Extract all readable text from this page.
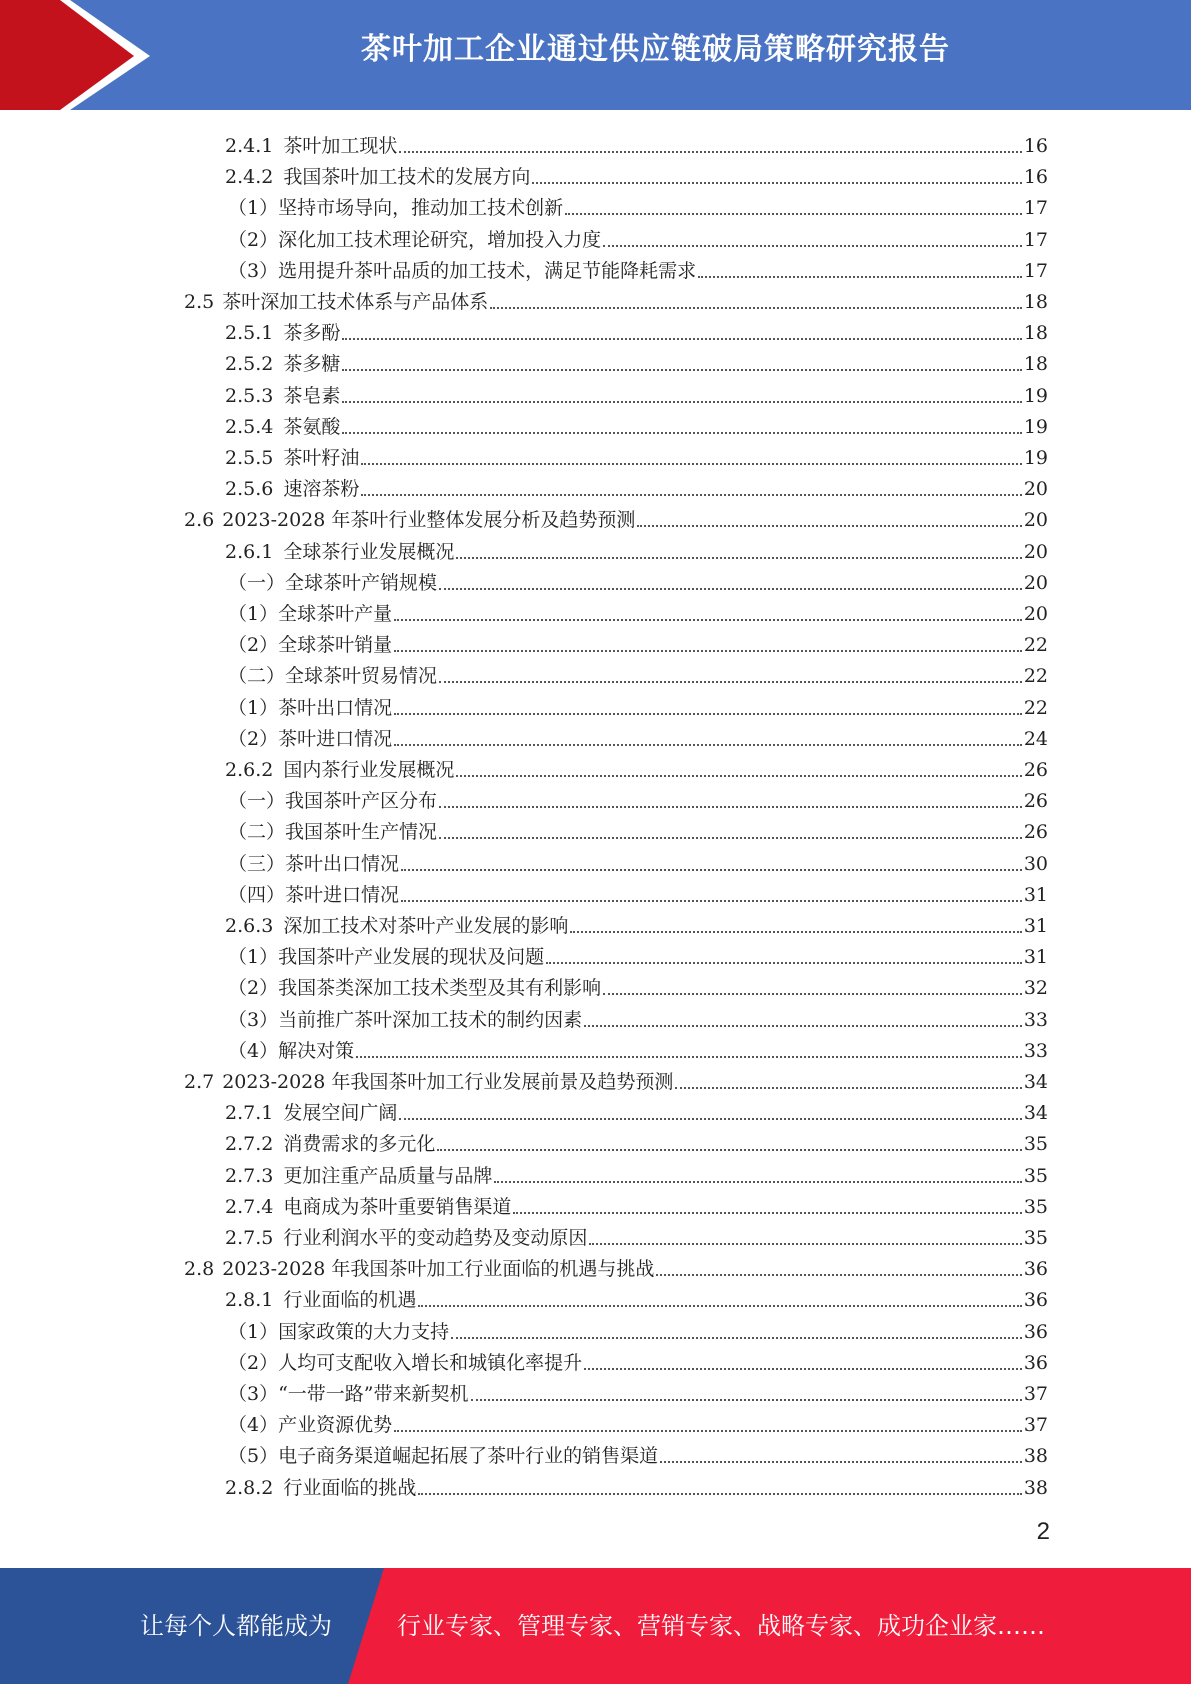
茶叶加工企业通过供应链破局策略研究报告
2.4.1 茶叶加工现状	16
2.4.2 我国茶叶加工技术的发展方向	16
（1）坚持市场导向，推动加工技术创新	17
（2）深化加工技术理论研究，增加投入力度	17
（3）选用提升茶叶品质的加工技术，满足节能降耗需求	17
2.5 茶叶深加工技术体系与产品体系	18
2.5.1 茶多酚	18
2.5.2 茶多糖	18
2.5.3 茶皂素	19
2.5.4 茶氨酸	19
2.5.5 茶叶籽油	19
2.5.6 速溶茶粉	20
2.6 2023-2028 年茶叶行业整体发展分析及趋势预测	20
2.6.1 全球茶行业发展概况	20
（一）全球茶叶产销规模	20
（1）全球茶叶产量	20
（2）全球茶叶销量	22
（二）全球茶叶贸易情况	22
（1）茶叶出口情况	22
（2）茶叶进口情况	24
2.6.2 国内茶行业发展概况	26
（一）我国茶叶产区分布	26
（二）我国茶叶生产情况	26
（三）茶叶出口情况	30
（四）茶叶进口情况	31
2.6.3 深加工技术对茶叶产业发展的影响	31
（1）我国茶叶产业发展的现状及问题	31
（2）我国茶类深加工技术类型及其有利影响	32
（3）当前推广茶叶深加工技术的制约因素	33
（4）解决对策	33
2.7 2023-2028 年我国茶叶加工行业发展前景及趋势预测	34
2.7.1 发展空间广阔	34
2.7.2 消费需求的多元化	35
2.7.3 更加注重产品质量与品牌	35
2.7.4 电商成为茶叶重要销售渠道	35
2.7.5 行业利润水平的变动趋势及变动原因	35
2.8 2023-2028 年我国茶叶加工行业面临的机遇与挑战	36
2.8.1 行业面临的机遇	36
（1）国家政策的大力支持	36
（2）人均可支配收入增长和城镇化率提升	36
（3）“一带一路”带来新契机	37
（4）产业资源优势	37
（5）电子商务渠道崛起拓展了茶叶行业的销售渠道	38
2.8.2 行业面临的挑战	38
2
让每个人都能成为	行业专家、管理专家、营销专家、战略专家、成功企业家……
